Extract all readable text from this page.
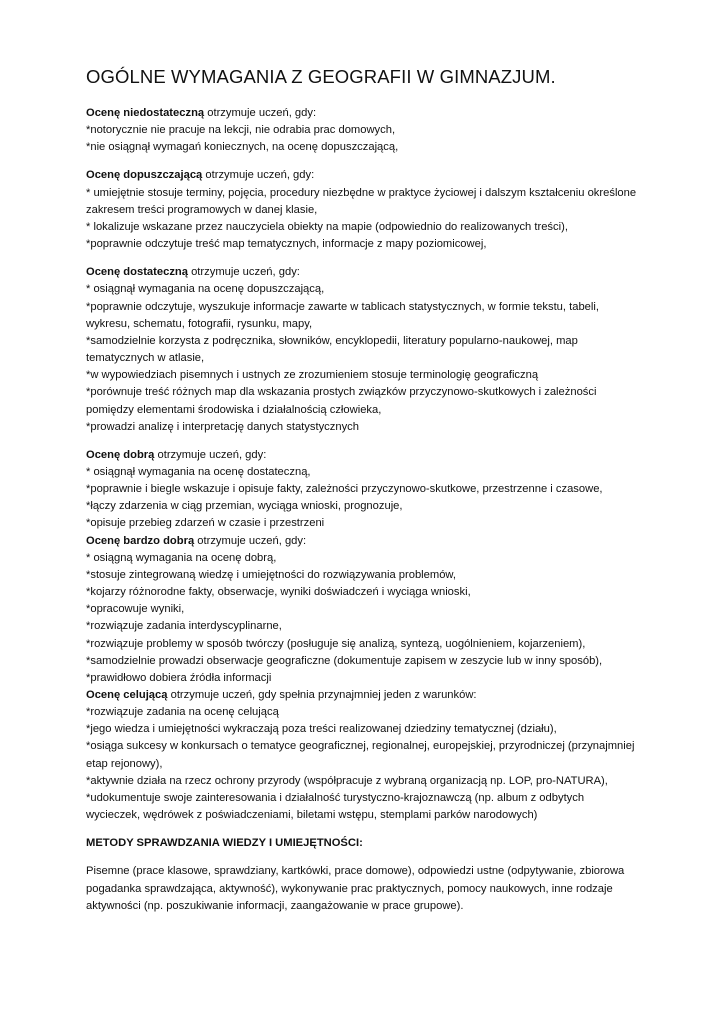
OGÓLNE WYMAGANIA Z GEOGRAFII W GIMNAZJUM.

Ocenę niedostateczną otrzymuje uczeń, gdy:

*notorycznie nie pracuje na lekcji, nie odrabia prac domowych,

*nie osiągnął wymagań koniecznych, na ocenę dopuszczającą,

Ocenę dopuszczającą otrzymuje uczeń, gdy:

* umiejętnie stosuje terminy, pojęcia, procedury niezbędne w praktyce życiowej i dalszym kształceniu określone

zakresem treści programowych w danej klasie,

* lokalizuje wskazane przez nauczyciela obiekty na mapie (odpowiednio do realizowanych treści),

*poprawnie odczytuje treść map tematycznych, informacje z mapy poziomicowej,

Ocenę dostateczną otrzymuje uczeń, gdy:

* osiągnął wymagania na ocenę dopuszczającą,

*poprawnie odczytuje, wyszukuje informacje zawarte w tablicach statystycznych, w formie tekstu, tabeli,

wykresu, schematu, fotografii, rysunku, mapy,

*samodzielnie korzysta z podręcznika, słowników, encyklopedii, literatury popularno-naukowej, map

tematycznych w atlasie,

*w wypowiedziach pisemnych i ustnych ze zrozumieniem stosuje terminologię geograficzną

*porównuje treść różnych map dla wskazania prostych związków przyczynowo-skutkowych i zależności

pomiędzy elementami środowiska i działalnością człowieka,

*prowadzi analizę i interpretację danych statystycznych

Ocenę dobrą otrzymuje uczeń, gdy:

* osiągnął wymagania na ocenę dostateczną,

*poprawnie i biegle wskazuje i opisuje fakty, zależności przyczynowo-skutkowe, przestrzenne i czasowe,

*łączy zdarzenia w ciąg przemian, wyciąga wnioski, prognozuje,

*opisuje przebieg zdarzeń w czasie i przestrzeni

Ocenę bardzo dobrą otrzymuje uczeń, gdy:

* osiągną wymagania na ocenę dobrą,

*stosuje zintegrowaną wiedzę i umiejętności do rozwiązywania problemów,

*kojarzy różnorodne fakty, obserwacje, wyniki doświadczeń i wyciąga wnioski,

*opracowuje wyniki,

*rozwiązuje zadania interdyscyplinarne,

*rozwiązuje problemy w sposób twórczy (posługuje się analizą, syntezą, uogólnieniem, kojarzeniem),

*samodzielnie prowadzi obserwacje geograficzne (dokumentuje zapisem w zeszycie lub w inny sposób),

*prawidłowo dobiera źródła informacji

Ocenę celującą otrzymuje uczeń, gdy spełnia przynajmniej jeden z warunków:

*rozwiązuje zadania na ocenę celującą

*jego wiedza i umiejętności wykraczają poza treści realizowanej dziedziny tematycznej (działu),

*osiąga sukcesy w konkursach o tematyce geograficznej, regionalnej, europejskiej, przyrodniczej (przynajmniej

etap rejonowy),

*aktywnie działa na rzecz ochrony przyrody (współpracuje z wybraną organizacją np. LOP, pro-NATURA),

*udokumentuje swoje zainteresowania i działalność turystyczno-krajoznawczą (np. album z odbytych

wycieczek, wędrówek z poświadczeniami, biletami wstępu, stemplami parków narodowych)

METODY SPRAWDZANIA WIEDZY I UMIEJĘTNOŚCI:

Pisemne (prace klasowe, sprawdziany, kartkówki, prace domowe), odpowiedzi ustne (odpytywanie, zbiorowa

pogadanka sprawdzająca, aktywność), wykonywanie prac praktycznych, pomocy naukowych, inne rodzaje

aktywności (np. poszukiwanie informacji, zaangażowanie w prace grupowe).
